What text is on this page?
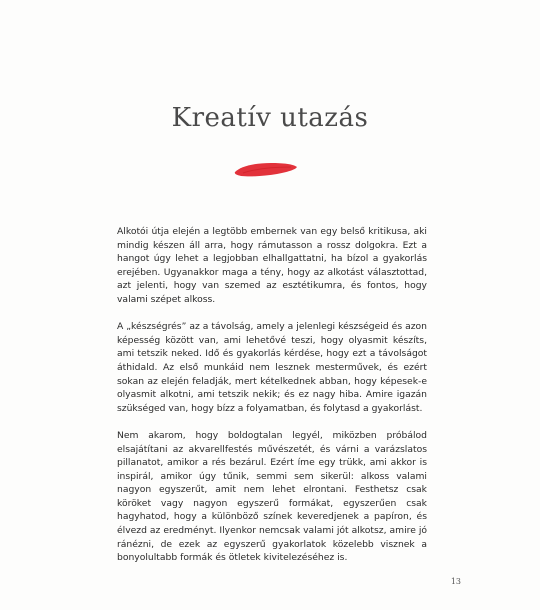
Kreatív utazás

Alkotói útja elején a legtöbb embernek van egy belső kritikusa, aki mindig készen áll arra, hogy rámutasson a rossz dolgokra. Ezt a hangot úgy lehet a legjobban elhallgattatni, ha bízol a gyakorlás erejében. Ugyanakkor maga a tény, hogy az alkotást választottad, azt jelenti, hogy van szemed az esztétikumra, és fontos, hogy valami szépet alkoss.

A „készségrés” az a távolság, amely a jelenlegi készségeid és azon képesség között van, ami lehetővé teszi, hogy olyasmit készíts, ami tetszik neked. Idő és gyakorlás kérdése, hogy ezt a távolságot áthidald. Az első munkáid nem lesznek mesterművek, és ezért sokan az elején feladják, mert kételkednek abban, hogy képesek-e olyasmit alkotni, ami tetszik nekik; és ez nagy hiba. Amire igazán szükséged van, hogy bízz a folyamatban, és folytasd a gyakorlást.

Nem akarom, hogy boldogtalan legyél, miközben próbálod elsajátítani az akvarellfestés művészetét, és várni a varázslatos pillanatot, amikor a rés bezárul. Ezért íme egy trükk, ami akkor is inspirál, amikor úgy tűnik, semmi sem sikerül: alkoss valami nagyon egyszerűt, amit nem lehet elrontani. Festhetsz csak köröket vagy nagyon egyszerű formákat, egyszerűen csak hagyhatod, hogy a különböző színek keveredjenek a papíron, és élvezd az eredményt. Ilyenkor nemcsak valami jót alkotsz, amire jó ránézni, de ezek az egyszerű gyakorlatok közelebb visznek a bonyolultabb formák és ötletek kivitelezéséhez is.

13
